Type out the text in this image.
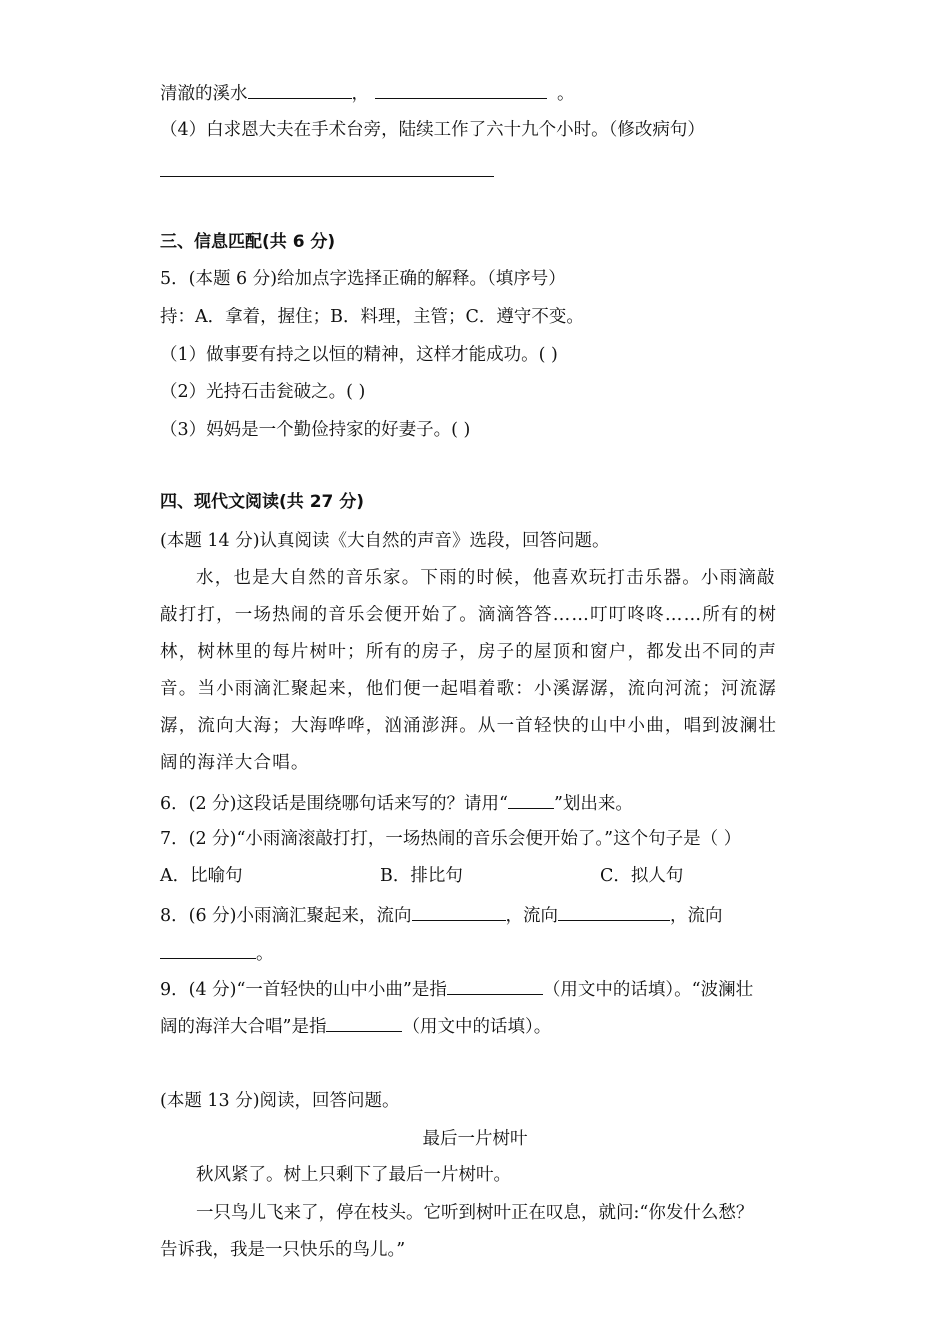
清澈的溪水	，	。
（4）白求恩大夫在手术台旁，陆续工作了六十九个小时。（修改病句）
三、信息匹配(共 6 分)
5．(本题 6 分)给加点字选择正确的解释。（填序号）
持：A．拿着，握住；B．料理，主管；C．遵守不变。
（1）做事要有持之以恒的精神，这样才能成功。( )
（2）光持石击瓮破之。( )
（3）妈妈是一个勤俭持家的好妻子。( )
四、现代文阅读(共 27 分)
(本题 14 分)认真阅读《大自然的声音》选段，回答问题。
水，也是大自然的音乐家。下雨的时候，他喜欢玩打击乐器。小雨滴敲
敲打打，一场热闹的音乐会便开始了。滴滴答答……叮叮咚咚……所有的树
林，树林里的每片树叶；所有的房子，房子的屋顶和窗户，都发出不同的声
音。当小雨滴汇聚起来，他们便一起唱着歌：小溪潺潺，流向河流；河流潺
潺，流向大海；大海哗哗，汹涌澎湃。从一首轻快的山中小曲，唱到波澜壮
阔的海洋大合唱。
6．(2 分)这段话是围绕哪句话来写的？请用“	”划出来。
7．(2 分)“小雨滴滚敲打打，一场热闹的音乐会便开始了。”这个句子是（ ）
A．比喻句	B．排比句	C．拟人句
8．(6 分)小雨滴汇聚起来，流向	，流向	，流向
。
9．(4 分)“一首轻快的山中小曲”是指	（用文中的话填）。“波澜壮
阔的海洋大合唱”是指	（用文中的话填）。
(本题 13 分)阅读，回答问题。
最后一片树叶
秋风紧了。树上只剩下了最后一片树叶。
一只鸟儿飞来了，停在枝头。它听到树叶正在叹息，就问:“你发什么愁？
告诉我，我是一只快乐的鸟儿。”
